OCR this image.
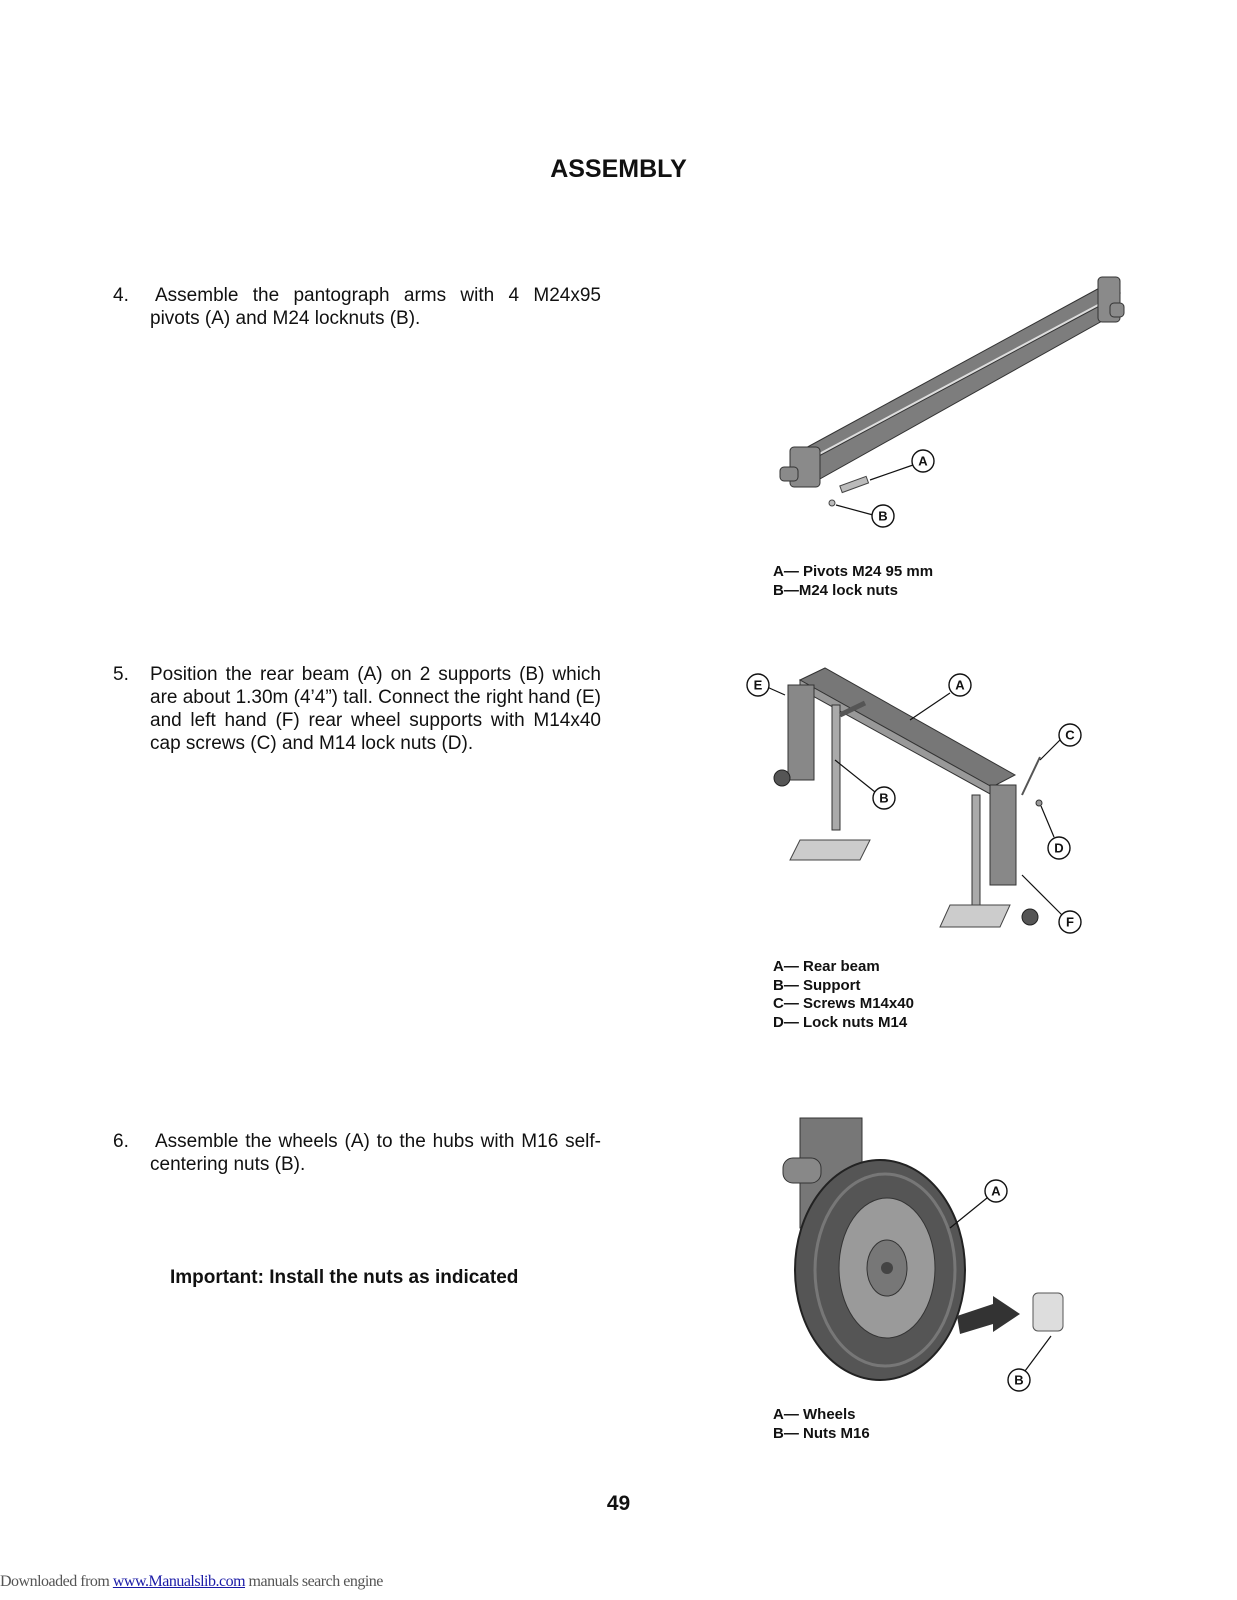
ASSEMBLY
4. Assemble the pantograph arms with 4 M24x95 pivots (A) and M24 locknuts (B).
5. Position the rear beam (A) on 2 supports (B) which are about 1.30m (4’4”) tall. Connect the right hand (E) and left hand (F) rear wheel supports with M14x40 cap screws (C) and M14 lock nuts (D).
6. Assemble the wheels (A) to the hubs with M16 self-centering nuts (B).
Important: Install the nuts as indicated
A
B
A— Pivots M24 95 mm
B—M24 lock nuts
E	A
C
B
D
F
A— Rear beam
B— Support
C— Screws M14x40
D— Lock nuts M14
A
B
A— Wheels
B— Nuts M16
49
Downloaded from www.Manualslib.com manuals search engine
